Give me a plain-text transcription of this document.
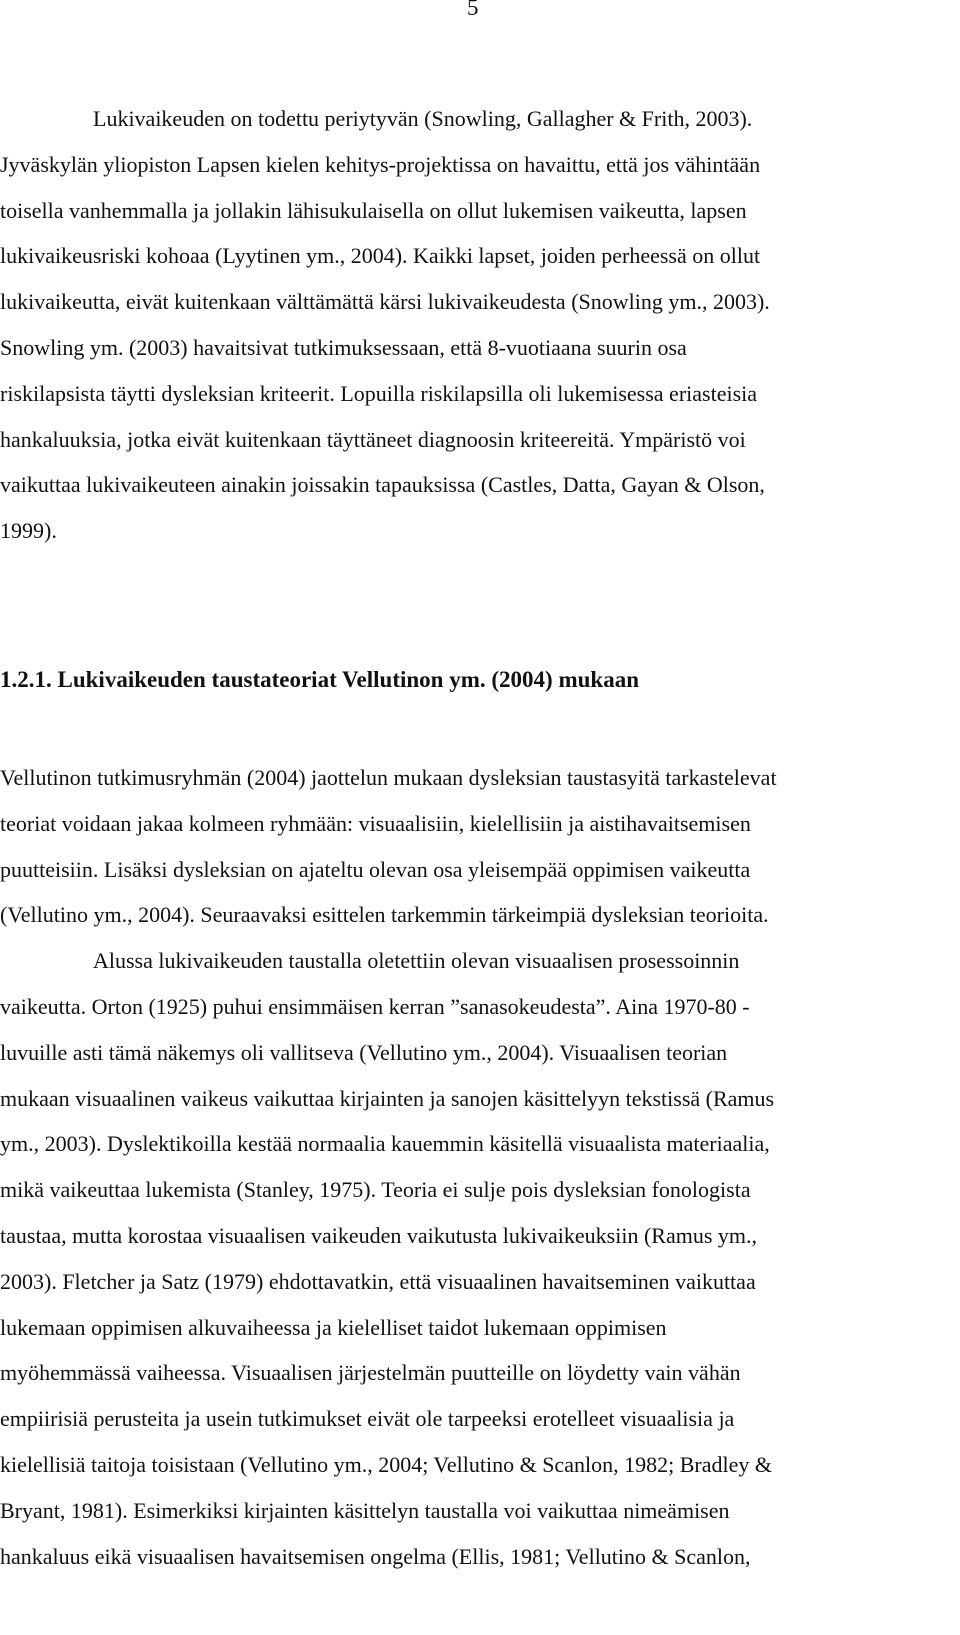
5
Lukivaikeuden on todettu periytyvän (Snowling, Gallagher & Frith, 2003).
Jyväskylän yliopiston Lapsen kielen kehitys-projektissa on havaittu, että jos vähintään
toisella vanhemmalla ja jollakin lähisukulaisella on ollut lukemisen vaikeutta, lapsen
lukivaikeusriski kohoaa (Lyytinen ym., 2004). Kaikki lapset, joiden perheessä on ollut
lukivaikeutta, eivät kuitenkaan välttämättä kärsi lukivaikeudesta (Snowling ym., 2003).
Snowling ym. (2003) havaitsivat tutkimuksessaan, että 8-vuotiaana suurin osa
riskilapsista täytti dysleksian kriteerit. Lopuilla riskilapsilla oli lukemisessa eriasteisia
hankaluuksia, jotka eivät kuitenkaan täyttäneet diagnoosin kriteereitä. Ympäristö voi
vaikuttaa lukivaikeuteen ainakin joissakin tapauksissa (Castles, Datta, Gayan & Olson,
1999).
1.2.1. Lukivaikeuden taustateoriat Vellutinon ym. (2004) mukaan
Vellutinon tutkimusryhmän (2004) jaottelun mukaan dysleksian taustasyitä tarkastelevat
teoriat voidaan jakaa kolmeen ryhmään: visuaalisiin, kielellisiin ja aistihavaitsemisen
puutteisiin. Lisäksi dysleksian on ajateltu olevan osa yleisempää oppimisen vaikeutta
(Vellutino ym., 2004). Seuraavaksi esittelen tarkemmin tärkeimpiä dysleksian teorioita.
Alussa lukivaikeuden taustalla oletettiin olevan visuaalisen prosessoinnin
vaikeutta. Orton (1925) puhui ensimmäisen kerran ”sanasokeudesta”. Aina 1970-80 -
luvuille asti tämä näkemys oli vallitseva (Vellutino ym., 2004). Visuaalisen teorian
mukaan visuaalinen vaikeus vaikuttaa kirjainten ja sanojen käsittelyyn tekstissä (Ramus
ym., 2003). Dyslektikoilla kestää normaalia kauemmin käsitellä visuaalista materiaalia,
mikä vaikeuttaa lukemista (Stanley, 1975). Teoria ei sulje pois dysleksian fonologista
taustaa, mutta korostaa visuaalisen vaikeuden vaikutusta lukivaikeuksiin (Ramus ym.,
2003). Fletcher ja Satz (1979) ehdottavatkin, että visuaalinen havaitseminen vaikuttaa
lukemaan oppimisen alkuvaiheessa ja kielelliset taidot lukemaan oppimisen
myöhemmässä vaiheessa. Visuaalisen järjestelmän puutteille on löydetty vain vähän
empiirisiä perusteita ja usein tutkimukset eivät ole tarpeeksi erotelleet visuaalisia ja
kielellisiä taitoja toisistaan (Vellutino ym., 2004; Vellutino & Scanlon, 1982; Bradley &
Bryant, 1981). Esimerkiksi kirjainten käsittelyn taustalla voi vaikuttaa nimeämisen
hankaluus eikä visuaalisen havaitsemisen ongelma (Ellis, 1981; Vellutino & Scanlon,
